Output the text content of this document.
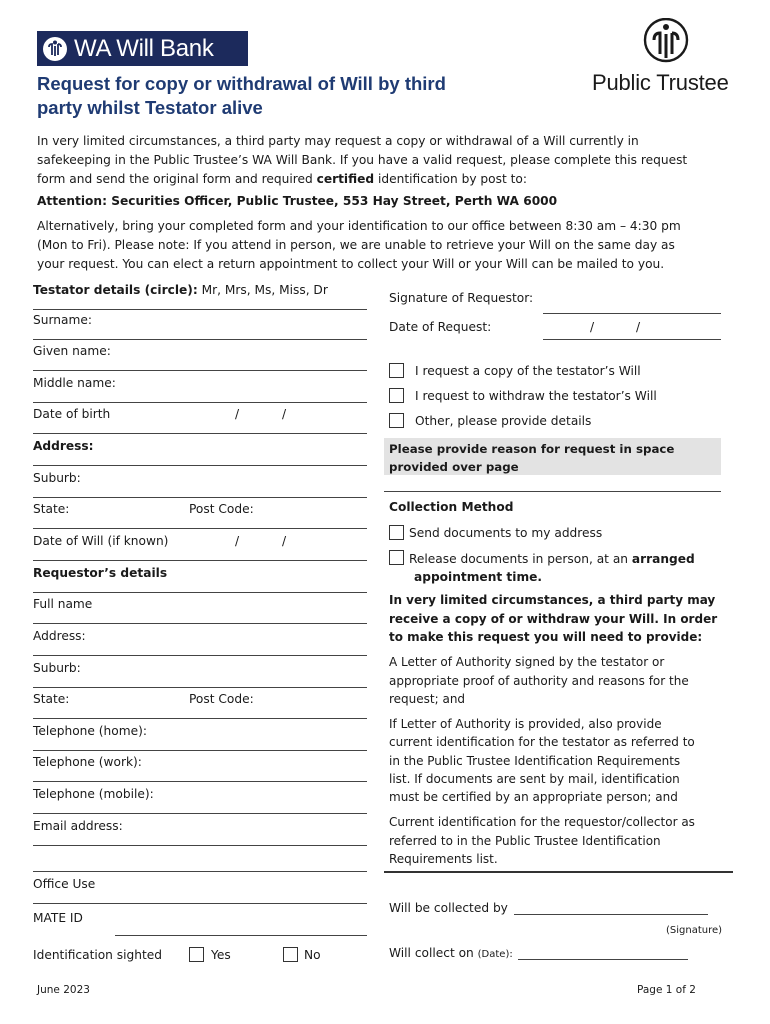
WA Will Bank
Public Trustee
Request for copy or withdrawal of Will by third
party whilst Testator alive
In very limited circumstances, a third party may request a copy or withdrawal of a Will currently in
safekeeping in the Public Trustee’s WA Will Bank. If you have a valid request, please complete this request
form and send the original form and required certified identification by post to:
Attention: Securities Officer, Public Trustee, 553 Hay Street, Perth WA 6000
Alternatively, bring your completed form and your identification to our office between 8:30 am – 4:30 pm
(Mon to Fri). Please note: If you attend in person, we are unable to retrieve your Will on the same day as
your request. You can elect a return appointment to collect your Will or your Will can be mailed to you.
Testator details (circle): Mr, Mrs, Ms, Miss, Dr
Surname:
Given name:
Middle name:
Date of birth	/	/
Address:
Suburb:
State:	Post Code:
Date of Will (if known)	/	/
Requestor’s details
Full name
Address:
Suburb:
State:	Post Code:
Telephone (home):
Telephone (work):
Telephone (mobile):
Email address:
Office Use
MATE ID
Identification sighted	Yes	No
Signature of Requestor:
Date of Request:	/	/
I request a copy of the testator’s Will
I request to withdraw the testator’s Will
Other, please provide details
Please provide reason for request in space
provided over page
Collection Method
Send documents to my address
Release documents in person, at an arranged
appointment time.
In very limited circumstances, a third party may
receive a copy of or withdraw your Will. In order
to make this request you will need to provide:
A Letter of Authority signed by the testator or
appropriate proof of authority and reasons for the
request; and
If Letter of Authority is provided, also provide
current identification for the testator as referred to
in the Public Trustee Identification Requirements
list. If documents are sent by mail, identification
must be certified by an appropriate person; and
Current identification for the requestor/collector as
referred to in the Public Trustee Identification
Requirements list.
Will be collected by
(Signature)
Will collect on (Date):
June 2023	Page 1 of 2
